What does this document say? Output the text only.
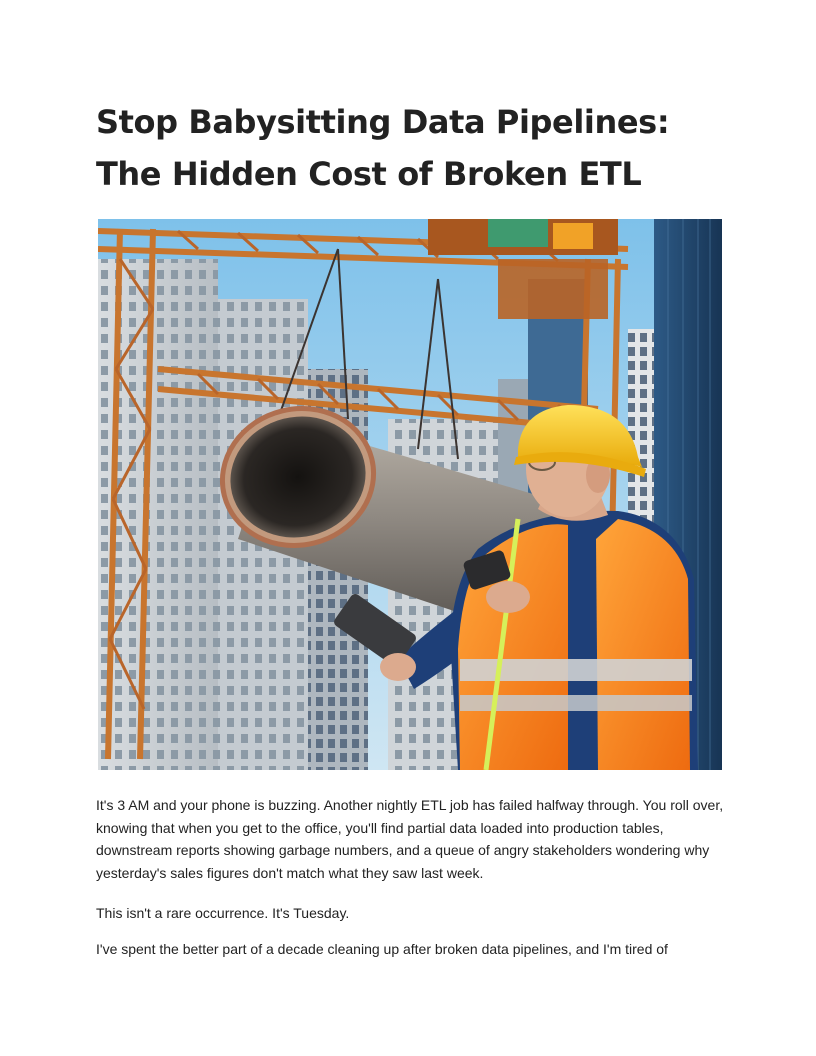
Stop Babysitting Data Pipelines: The Hidden Cost of Broken ETL

It's 3 AM and your phone is buzzing. Another nightly ETL job has failed halfway through. You roll over, knowing that when you get to the office, you'll find partial data loaded into production tables, downstream reports showing garbage numbers, and a queue of angry stakeholders wondering why yesterday's sales figures don't match what they saw last week.

This isn't a rare occurrence. It's Tuesday.

I've spent the better part of a decade cleaning up after broken data pipelines, and I'm tired of
